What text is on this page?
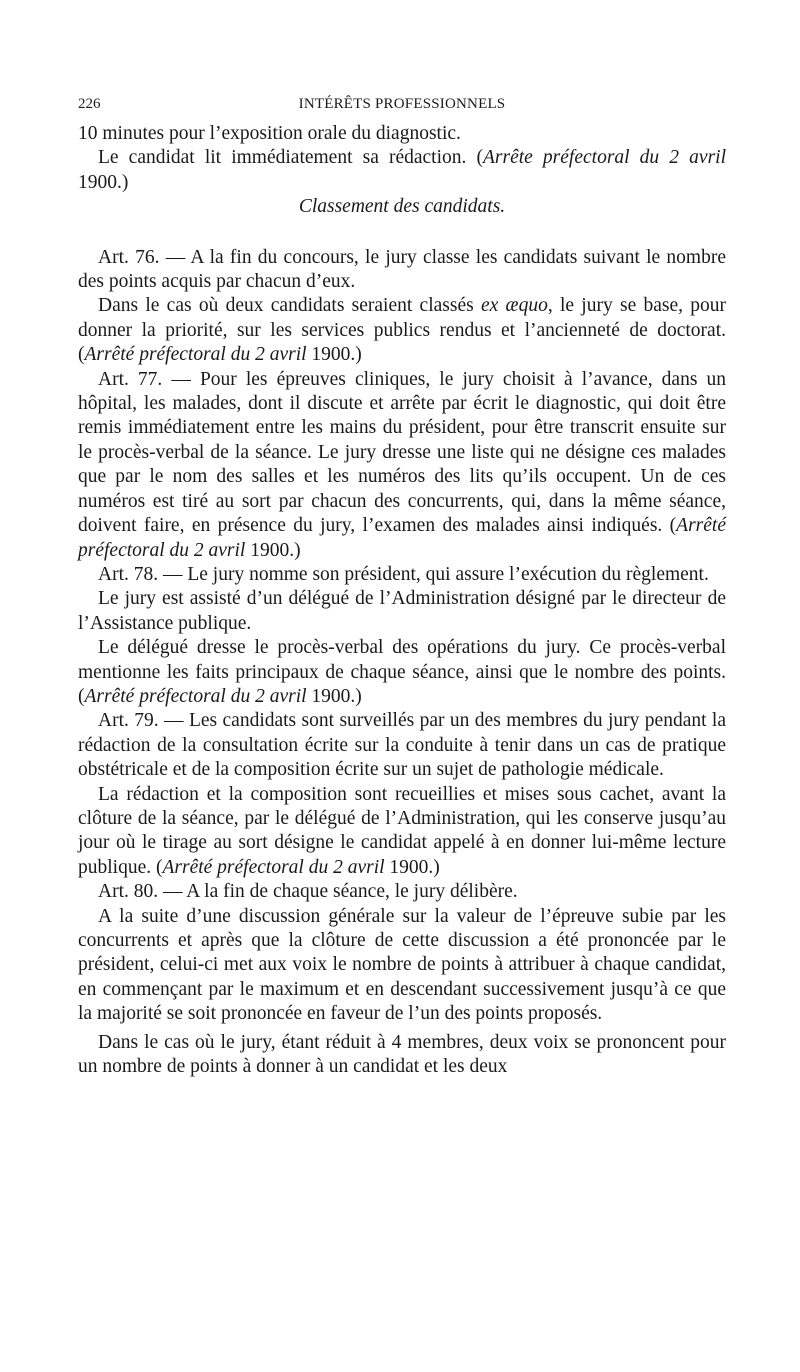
226	INTÉRÊTS PROFESSIONNELS

10 minutes pour l’exposition orale du diagnostic.

Le candidat lit immédiatement sa rédaction. (Arrête préfectoral du 2 avril 1900.)

Classement des candidats.

Art. 76. — A la fin du concours, le jury classe les candidats suivant le nombre des points acquis par chacun d’eux.

Dans le cas où deux candidats seraient classés ex æquo, le jury se base, pour donner la priorité, sur les services publics rendus et l’ancienneté de doctorat. (Arrêté préfectoral du 2 avril 1900.)

Art. 77. — Pour les épreuves cliniques, le jury choisit à l’avance, dans un hôpital, les malades, dont il discute et arrête par écrit le diagnostic, qui doit être remis immédiatement entre les mains du président, pour être transcrit ensuite sur le procès-verbal de la séance. Le jury dresse une liste qui ne désigne ces malades que par le nom des salles et les numéros des lits qu’ils occupent. Un de ces numéros est tiré au sort par chacun des concurrents, qui, dans la même séance, doivent faire, en présence du jury, l’examen des malades ainsi indiqués. (Arrêté préfectoral du 2 avril 1900.)

Art. 78. — Le jury nomme son président, qui assure l’exécution du règlement.

Le jury est assisté d’un délégué de l’Administration désigné par le directeur de l’Assistance publique.

Le délégué dresse le procès-verbal des opérations du jury. Ce procès-verbal mentionne les faits principaux de chaque séance, ainsi que le nombre des points. (Arrêté préfectoral du 2 avril 1900.)

Art. 79. — Les candidats sont surveillés par un des membres du jury pendant la rédaction de la consultation écrite sur la conduite à tenir dans un cas de pratique obstétricale et de la composition écrite sur un sujet de pathologie médicale.

La rédaction et la composition sont recueillies et mises sous cachet, avant la clôture de la séance, par le délégué de l’Administration, qui les conserve jusqu’au jour où le tirage au sort désigne le candidat appelé à en donner lui-même lecture publique. (Arrêté préfectoral du 2 avril 1900.)

Art. 80. — A la fin de chaque séance, le jury délibère.

A la suite d’une discussion générale sur la valeur de l’épreuve subie par les concurrents et après que la clôture de cette discussion a été prononcée par le président, celui-ci met aux voix le nombre de points à attribuer à chaque candidat, en commençant par le maximum et en descendant successivement jusqu’à ce que la majorité se soit prononcée en faveur de l’un des points proposés.

Dans le cas où le jury, étant réduit à 4 membres, deux voix se prononcent pour un nombre de points à donner à un candidat et les deux
